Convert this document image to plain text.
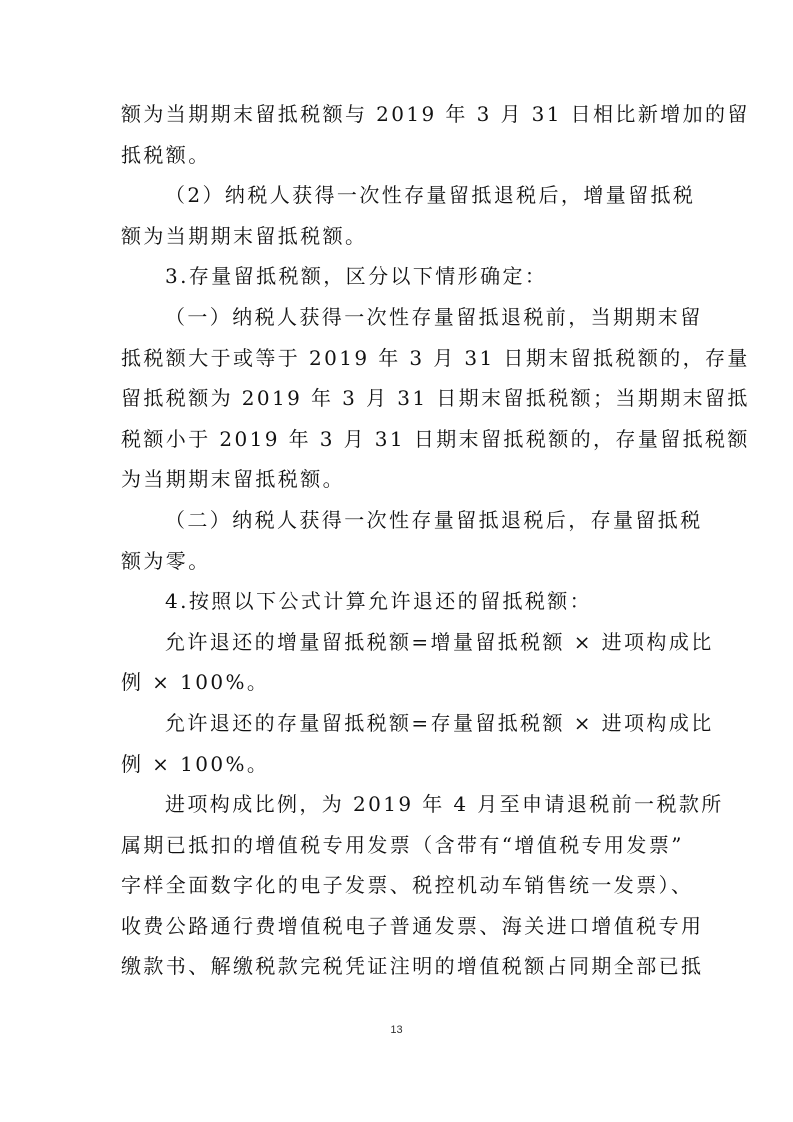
额为当期期末留抵税额与 2019 年 3 月 31 日相比新增加的留
抵税额。
（2）纳税人获得一次性存量留抵退税后，增量留抵税
额为当期期末留抵税额。
3.存量留抵税额，区分以下情形确定：
（一）纳税人获得一次性存量留抵退税前，当期期末留
抵税额大于或等于 2019 年 3 月 31 日期末留抵税额的，存量
留抵税额为 2019 年 3 月 31 日期末留抵税额；当期期末留抵
税额小于 2019 年 3 月 31 日期末留抵税额的，存量留抵税额
为当期期末留抵税额。
（二）纳税人获得一次性存量留抵退税后，存量留抵税
额为零。
4.按照以下公式计算允许退还的留抵税额：
允许退还的增量留抵税额=增量留抵税额 × 进项构成比
例 × 100%。
允许退还的存量留抵税额=存量留抵税额 × 进项构成比
例 × 100%。
进项构成比例，为 2019 年 4 月至申请退税前一税款所
属期已抵扣的增值税专用发票（含带有“增值税专用发票”
字样全面数字化的电子发票、税控机动车销售统一发票）、
收费公路通行费增值税电子普通发票、海关进口增值税专用
缴款书、解缴税款完税凭证注明的增值税额占同期全部已抵
13
